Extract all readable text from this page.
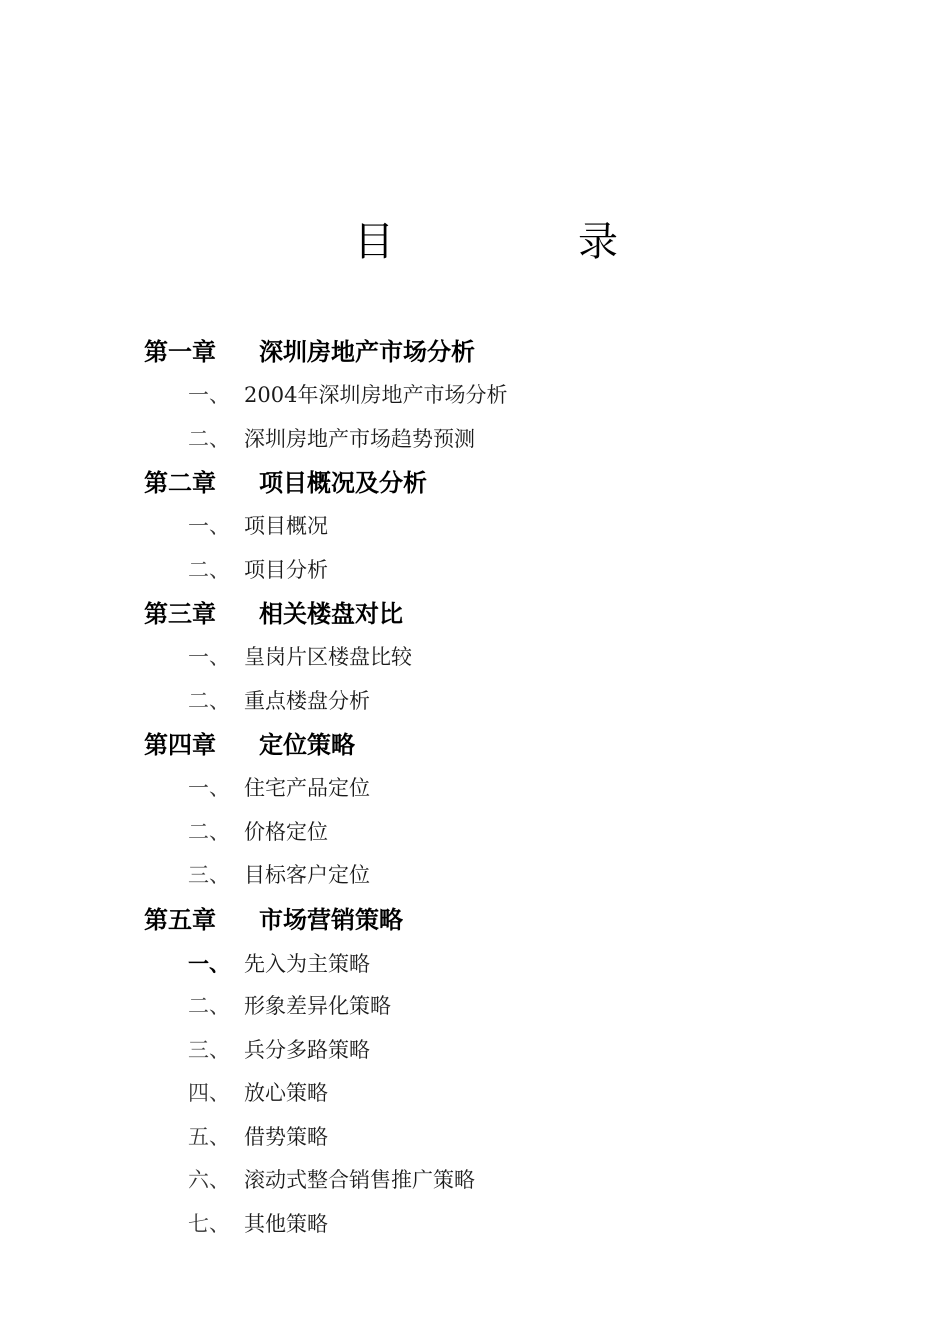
目	录
第一章 深圳房地产市场分析
一、 2004年深圳房地产市场分析
二、 深圳房地产市场趋势预测
第二章 项目概况及分析
一、 项目概况
二、 项目分析
第三章 相关楼盘对比
一、 皇岗片区楼盘比较
二、 重点楼盘分析
第四章 定位策略
一、 住宅产品定位
二、 价格定位
三、 目标客户定位
第五章 市场营销策略
一、 先入为主策略
二、 形象差异化策略
三、 兵分多路策略
四、 放心策略
五、 借势策略
六、 滚动式整合销售推广策略
七、 其他策略
